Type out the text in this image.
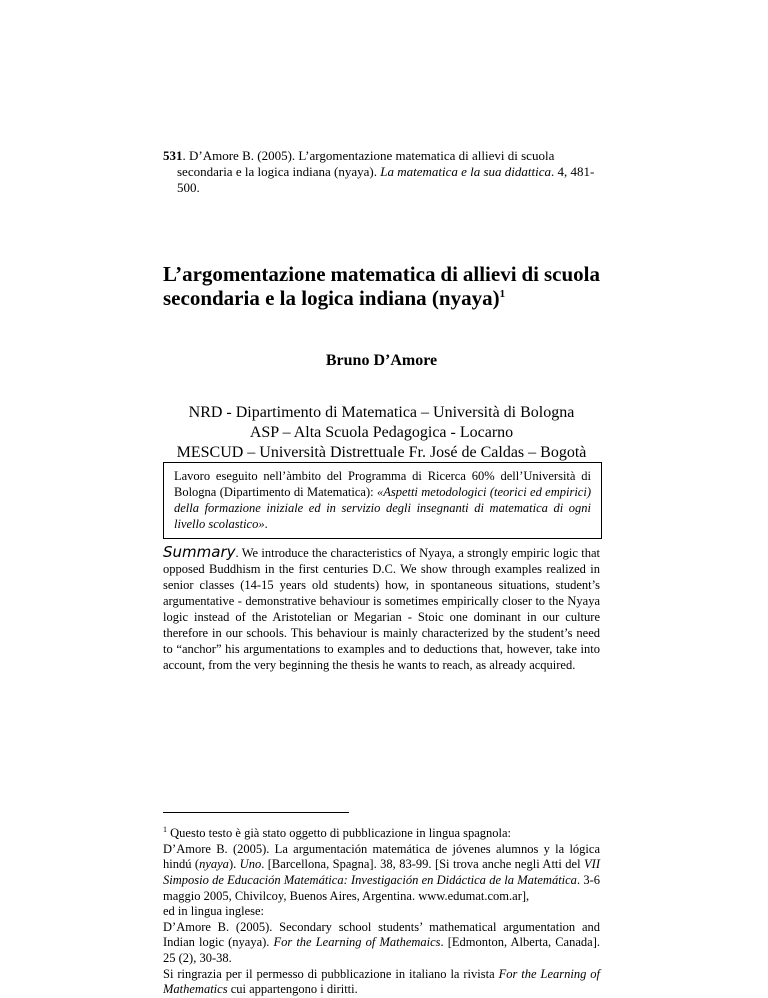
531. D’Amore B. (2005). L’argomentazione matematica di allievi di scuola
secondaria e la logica indiana (nyaya). La matematica e la sua didattica. 4, 481-
500.
L’argomentazione matematica di allievi di scuola
secondaria e la logica indiana (nyaya)$^1$
Bruno D’Amore
NRD - Dipartimento di Matematica – Università di Bologna
ASP – Alta Scuola Pedagogica - Locarno
MESCUD – Università Distrettuale Fr. José de Caldas – Bogotà
Lavoro eseguito nell’àmbito del Programma di Ricerca 60% dell’Università di Bologna (Dipartimento di Matematica): «Aspetti metodologici (teorici ed empirici) della formazione iniziale ed in servizio degli insegnanti di matematica di ogni livello scolastico».
Summary. We introduce the characteristics of Nyaya, a strongly empiric logic that opposed Buddhism in the first centuries D.C. We show through examples realized in senior classes (14-15 years old students) how, in spontaneous situations, student’s argumentative - demonstrative behaviour is sometimes empirically closer to the Nyaya logic instead of the Aristotelian or Megarian - Stoic one dominant in our culture therefore in our schools. This behaviour is mainly characterized by the student’s need to “anchor” his argumentations to examples and to deductions that, however, take into account, from the very beginning the thesis he wants to reach, as already acquired.

$^1$ Questo testo è già stato oggetto di pubblicazione in lingua spagnola:

D’Amore B. (2005). La argumentación matemática de jóvenes alumnos y la lógica hindú (nyaya). Uno. [Barcellona, Spagna]. 38, 83-99. [Si trova anche negli Atti del VII Simposio de Educación Matemática: Investigación en Didáctica de la Matemática. 3-6 maggio 2005, Chivilcoy, Buenos Aires, Argentina. www.edumat.com.ar],

ed in lingua inglese:

D’Amore B. (2005). Secondary school students’ mathematical argumentation and Indian logic (nyaya). For the Learning of Mathemaics. [Edmonton, Alberta, Canada]. 25 (2), 30-38.

Si ringrazia per il permesso di pubblicazione in italiano la rivista For the Learning of Mathematics cui appartengono i diritti.
